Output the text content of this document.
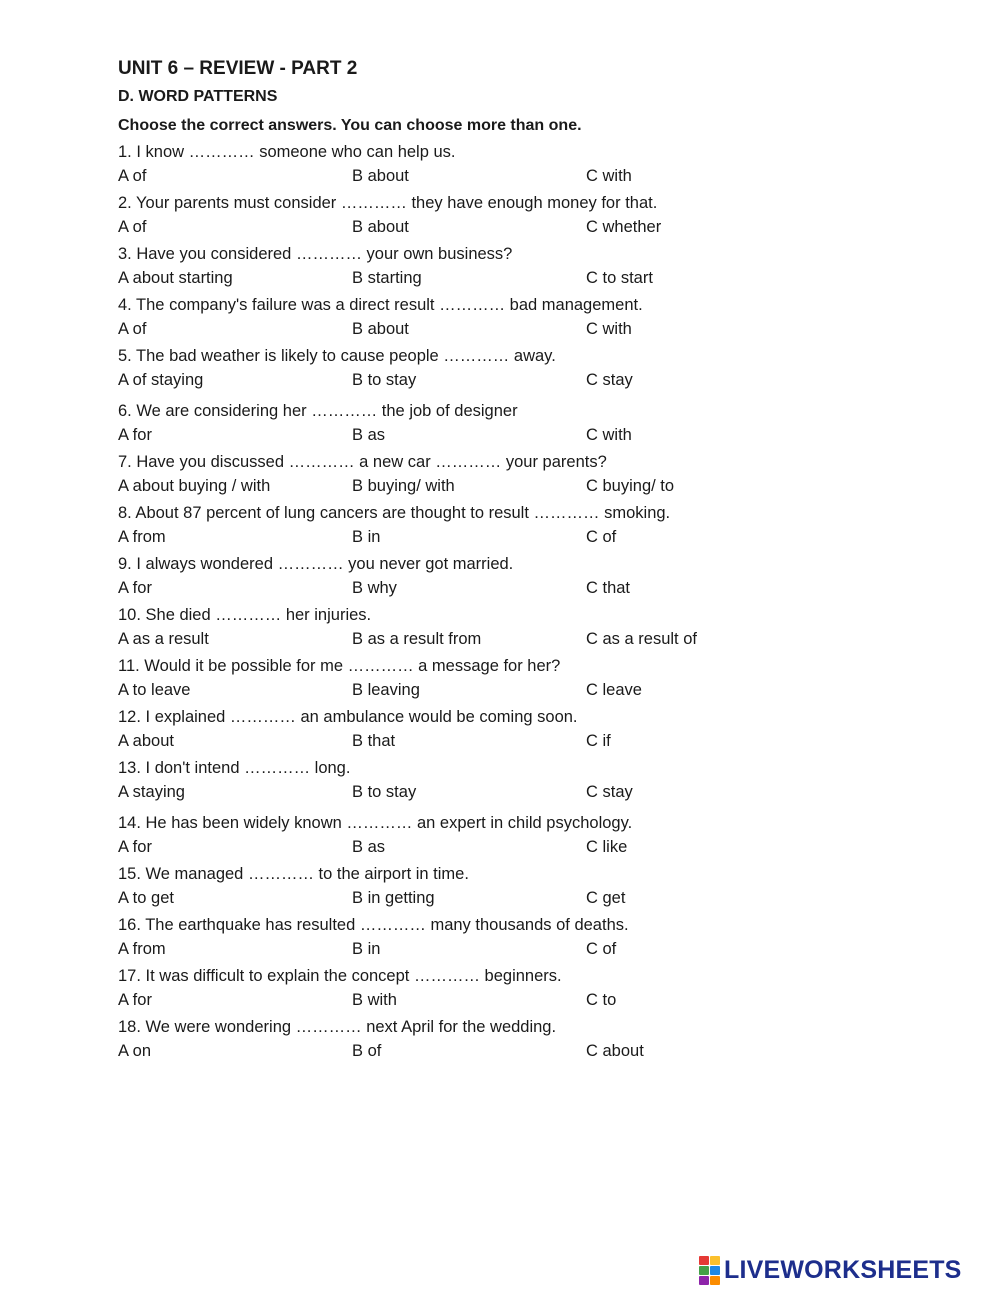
UNIT 6 – REVIEW - PART 2
D. WORD PATTERNS
Choose the correct answers. You can choose more than one.
1. I know ………… someone who can help us.
A of	B about	C with
2. Your parents must consider ………… they have enough money for that.
A of	B about	C whether
3. Have you considered ………… your own business?
A about starting	B starting	C to start
4. The company's failure was a direct result ………… bad management.
A of	B about	C with
5. The bad weather is likely to cause people ………… away.
A of staying	B to stay	C stay
6. We are considering her ………… the job of designer
A for	B as	C with
7. Have you discussed ………… a new car ………… your parents?
A about buying / with	B buying/ with	C buying/ to
8. About 87 percent of lung cancers are thought to result ………… smoking.
A from	B in	C of
9. I always wondered ………… you never got married.
A for	B why	C that
10. She died ………… her injuries.
A as a result	B as a result from	C as a result of
11. Would it be possible for me ………… a message for her?
A to leave	B leaving	C leave
12. I explained ………… an ambulance would be coming soon.
A about	B that	C if
13. I don't intend ………… long.
A staying	B to stay	C stay
14. He has been widely known ………… an expert in child psychology.
A for	B as	C like
15. We managed ………… to the airport in time.
A to get	B in getting	C get
16. The earthquake has resulted ………… many thousands of deaths.
A from	B in	C of
17. It was difficult to explain the concept ………… beginners.
A for	B with	C to
18. We were wondering ………… next April for the wedding.
A on	B of	C about
LIVEWORKSHEETS
